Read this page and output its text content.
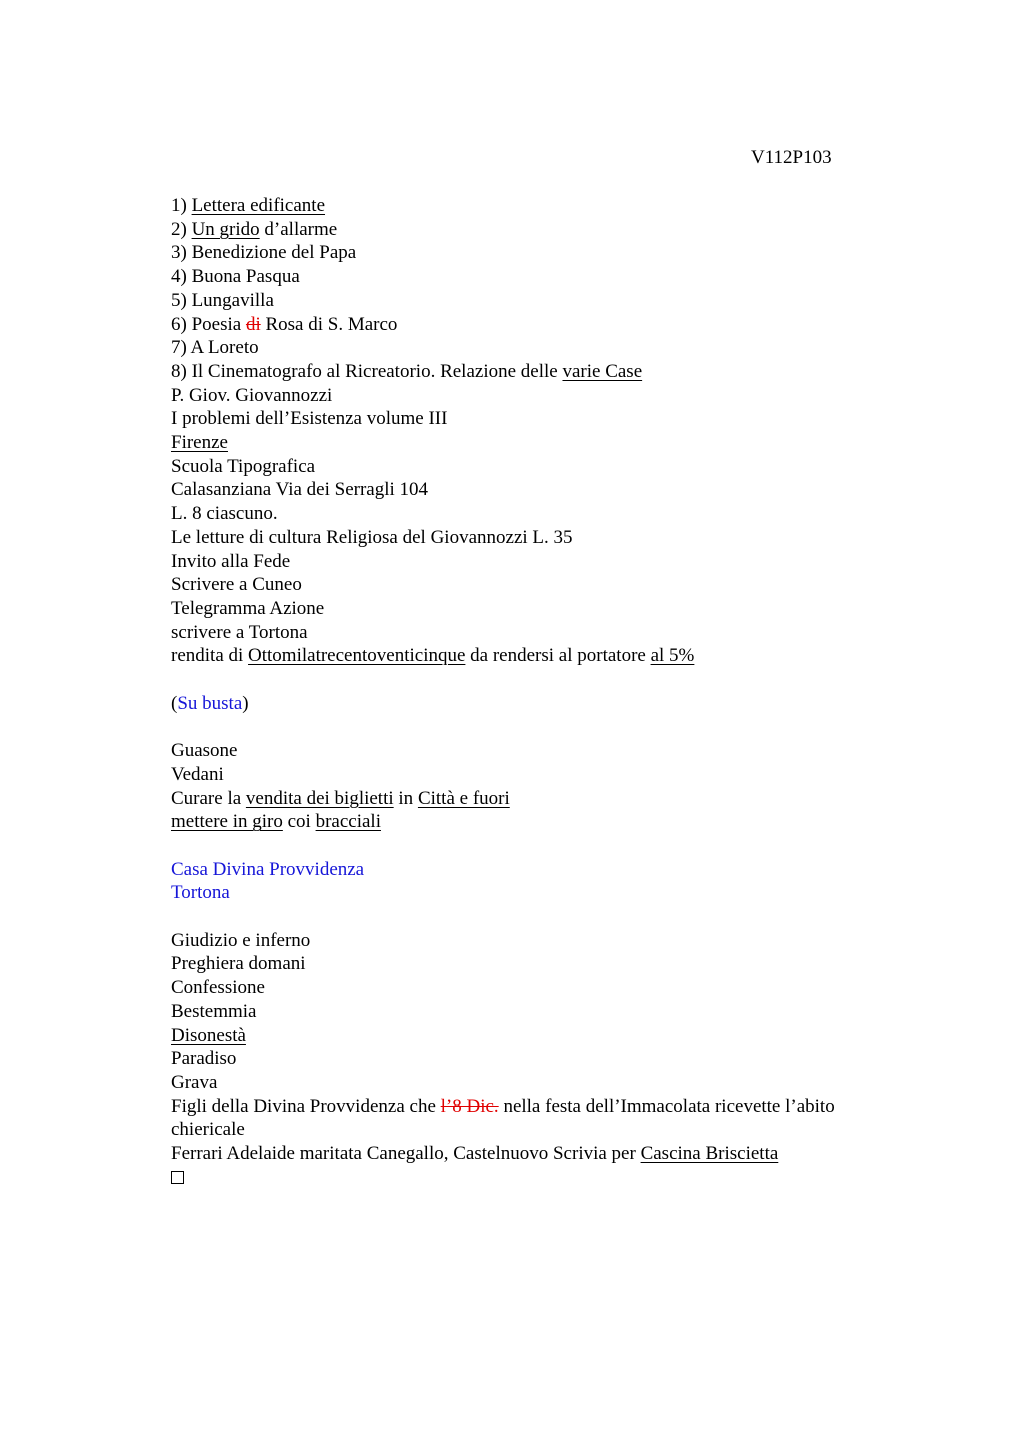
V112P103
1) Lettera edificante
2) Un grido d’allarme
3) Benedizione del Papa
4) Buona Pasqua
5) Lungavilla
6) Poesia di Rosa di S. Marco
7) A Loreto
8) Il Cinematografo al Ricreatorio. Relazione delle varie Case
P. Giov. Giovannozzi
I problemi dell’Esistenza volume III
Firenze
Scuola Tipografica
Calasanziana Via dei Serragli 104
L. 8 ciascuno.
Le letture di cultura Religiosa del Giovannozzi L. 35
Invito alla Fede
Scrivere a Cuneo
Telegramma Azione
scrivere a Tortona
rendita di Ottomilatrecentoventicinque da rendersi al portatore al 5%
(Su busta)
Guasone
Vedani
Curare la vendita dei biglietti in Città e fuori
mettere in giro coi bracciali
Casa Divina Provvidenza
Tortona
Giudizio e inferno
Preghiera domani
Confessione
Bestemmia
Disonestà
Paradiso
Grava
Figli della Divina Provvidenza che l’8 Dic. nella festa dell’Immacolata ricevette l’abito chiericale
Ferrari Adelaide maritata Canegallo, Castelnuovo Scrivia per Cascina Briscietta
